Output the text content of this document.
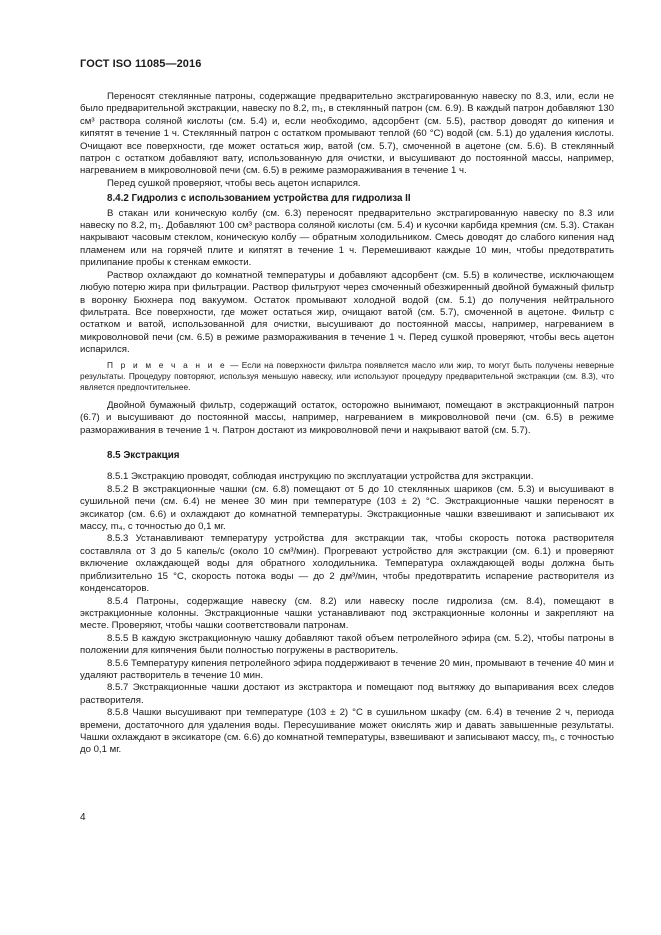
ГОСТ ISO 11085—2016

Переносят стеклянные патроны, содержащие предварительно экстрагированную навеску по 8.3, или, если не было предварительной экстракции, навеску по 8.2, m₁, в стеклянный патрон (см. 6.9). В каждый патрон добавляют 130 см³ раствора соляной кислоты (см. 5.4) и, если необходимо, адсорбент (см. 5.5), раствор доводят до кипения и кипятят в течение 1 ч. Стеклянный патрон с остатком промывают теплой (60 °C) водой (см. 5.1) до удаления кислоты. Очищают все поверхности, где может остаться жир, ватой (см. 5.7), смоченной в ацетоне (см. 5.6). В стеклянный патрон с остатком добавляют вату, использованную для очистки, и высушивают до постоянной массы, например, нагреванием в микроволновой печи (см. 6.5) в режиме размораживания в течение 1 ч.

Перед сушкой проверяют, чтобы весь ацетон испарился.

8.4.2 Гидролиз с использованием устройства для гидролиза II

В стакан или коническую колбу (см. 6.3) переносят предварительно экстрагированную навеску по 8.3 или навеску по 8.2, m₁. Добавляют 100 см³ раствора соляной кислоты (см. 5.4) и кусочки карбида кремния (см. 5.3). Стакан накрывают часовым стеклом, коническую колбу — обратным холодильником. Смесь доводят до слабого кипения над пламенем или на горячей плите и кипятят в течение 1 ч. Перемешивают каждые 10 мин, чтобы предотвратить прилипание пробы к стенкам емкости.

Раствор охлаждают до комнатной температуры и добавляют адсорбент (см. 5.5) в количестве, исключающем любую потерю жира при фильтрации. Раствор фильтруют через смоченный обезжиренный двойной бумажный фильтр в воронку Бюхнера под вакуумом. Остаток промывают холодной водой (см. 5.1) до получения нейтрального фильтрата. Все поверхности, где может остаться жир, очищают ватой (см. 5.7), смоченной в ацетоне. Фильтр с остатком и ватой, использованной для очистки, высушивают до постоянной массы, например, нагреванием в микроволновой печи (см. 6.5) в режиме размораживания в течение 1 ч. Перед сушкой проверяют, чтобы весь ацетон испарился.

П р и м е ч а н и е — Если на поверхности фильтра появляется масло или жир, то могут быть получены неверные результаты. Процедуру повторяют, используя меньшую навеску, или используют процедуру предварительной экстракции (см. 8.3), что является предпочтительнее.

Двойной бумажный фильтр, содержащий остаток, осторожно вынимают, помещают в экстракционный патрон (6.7) и высушивают до постоянной массы, например, нагреванием в микроволновой печи (см. 6.5) в режиме размораживания в течение 1 ч. Патрон достают из микроволновой печи и накрывают ватой (см. 5.7).

8.5 Экстракция

8.5.1 Экстракцию проводят, соблюдая инструкцию по эксплуатации устройства для экстракции.

8.5.2 В экстракционные чашки (см. 6.8) помещают от 5 до 10 стеклянных шариков (см. 5.3) и высушивают в сушильной печи (см. 6.4) не менее 30 мин при температуре (103 ± 2) °C. Экстракционные чашки переносят в эксикатор (см. 6.6) и охлаждают до комнатной температуры. Экстракционные чашки взвешивают и записывают их массу, m₄, с точностью до 0,1 мг.

8.5.3 Устанавливают температуру устройства для экстракции так, чтобы скорость потока растворителя составляла от 3 до 5 капель/с (около 10 см³/мин). Прогревают устройство для экстракции (см. 6.1) и проверяют включение охлаждающей воды для обратного холодильника. Температура охлаждающей воды должна быть приблизительно 15 °C, скорость потока воды — до 2 дм³/мин, чтобы предотвратить испарение растворителя из конденсаторов.

8.5.4 Патроны, содержащие навеску (см. 8.2) или навеску после гидролиза (см. 8.4), помещают в экстракционные колонны. Экстракционные чашки устанавливают под экстракционные колонны и закрепляют на месте. Проверяют, чтобы чашки соответствовали патронам.

8.5.5 В каждую экстракционную чашку добавляют такой объем петролейного эфира (см. 5.2), чтобы патроны в положении для кипячения были полностью погружены в растворитель.

8.5.6 Температуру кипения петролейного эфира поддерживают в течение 20 мин, промывают в течение 40 мин и удаляют растворитель в течение 10 мин.

8.5.7 Экстракционные чашки достают из экстрактора и помещают под вытяжку до выпаривания всех следов растворителя.

8.5.8 Чашки высушивают при температуре (103 ± 2) °C в сушильном шкафу (см. 6.4) в течение 2 ч, периода времени, достаточного для удаления воды. Пересушивание может окислять жир и давать завышенные результаты. Чашки охлаждают в эксикаторе (см. 6.6) до комнатной температуры, взвешивают и записывают массу, m₅, с точностью до 0,1 мг.

4
